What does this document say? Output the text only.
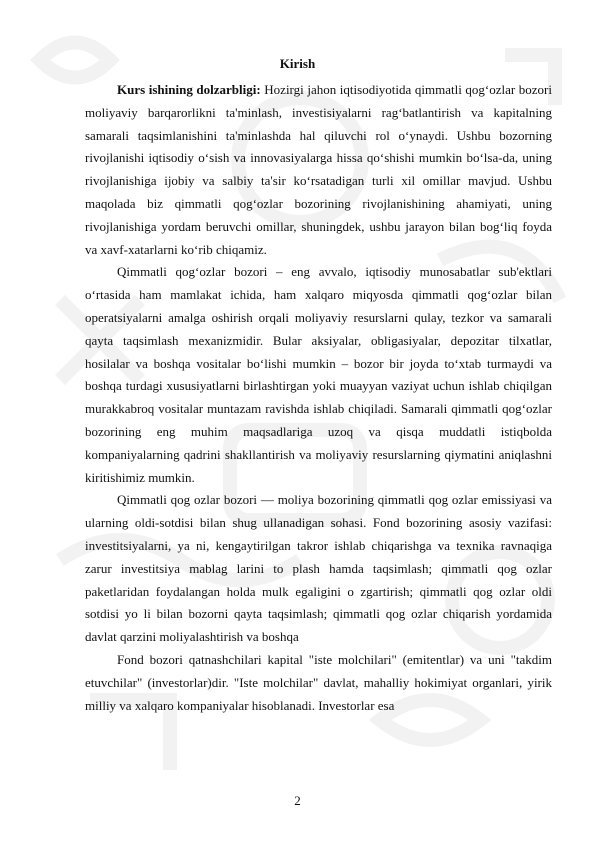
Kirish

Kurs ishining dolzarbligi: Hozirgi jahon iqtisodiyotida qimmatli qog‘ozlar bozori moliyaviy barqarorlikni ta'minlash, investisiyalarni rag‘batlantirish va kapitalning samarali taqsimlanishini ta'minlashda hal qiluvchi rol o‘ynaydi. Ushbu bozorning rivojlanishi iqtisodiy o‘sish va innovasiyalarga hissa qo‘shishi mumkin bo‘lsa-da, uning rivojlanishiga ijobiy va salbiy ta'sir ko‘rsatadigan turli xil omillar mavjud. Ushbu maqolada biz qimmatli qog‘ozlar bozorining rivojlanishining ahamiyati, uning rivojlanishiga yordam beruvchi omillar, shuningdek, ushbu jarayon bilan bog‘liq foyda va xavf-xatarlarni ko‘rib chiqamiz.

Qimmatli qog‘ozlar bozori – eng avvalo, iqtisodiy munosabatlar sub'ektlari o‘rtasida ham mamlakat ichida, ham xalqaro miqyosda qimmatli qog‘ozlar bilan operatsiyalarni amalga oshirish orqali moliyaviy resurslarni qulay, tezkor va samarali qayta taqsimlash mexanizmidir. Bular aksiyalar, obligasiyalar, depozitar tilxatlar, hosilalar va boshqa vositalar bo‘lishi mumkin – bozor bir joyda to‘xtab turmaydi va boshqa turdagi xususiyatlarni birlashtirgan yoki muayyan vaziyat uchun ishlab chiqilgan murakkabroq vositalar muntazam ravishda ishlab chiqiladi. Samarali qimmatli qog‘ozlar bozorining eng muhim maqsadlariga uzoq va qisqa muddatli istiqbolda kompaniyalarning qadrini shakllantirish va moliyaviy resurslarning qiymatini aniqlashni kiritishimiz mumkin.

Qimmatli qog ozlar bozori — moliya bozorining qimmatli qog ozlar emissiyasi va ularning oldi-sotdisi bilan shug ullanadigan sohasi. Fond bozorining asosiy vazifasi: investitsiyalarni, ya ni, kengaytirilgan takror ishlab chiqarishga va texnika ravnaqiga zarur investitsiya mablag larini to plash hamda taqsimlash; qimmatli qog ozlar paketlaridan foydalangan holda mulk egaligini o zgartirish; qimmatli qog ozlar oldi sotdisi yo li bilan bozorni qayta taqsimlash; qimmatli qog ozlar chiqarish yordamida davlat qarzini moliyalashtirish va boshqa

Fond bozori qatnashchilari kapital "iste molchilari" (emitentlar) va uni "takdim etuvchilar" (investorlar)dir. "Iste molchilar" davlat, mahalliy hokimiyat organlari, yirik milliy va xalqaro kompaniyalar hisoblanadi. Investorlar esa

2
